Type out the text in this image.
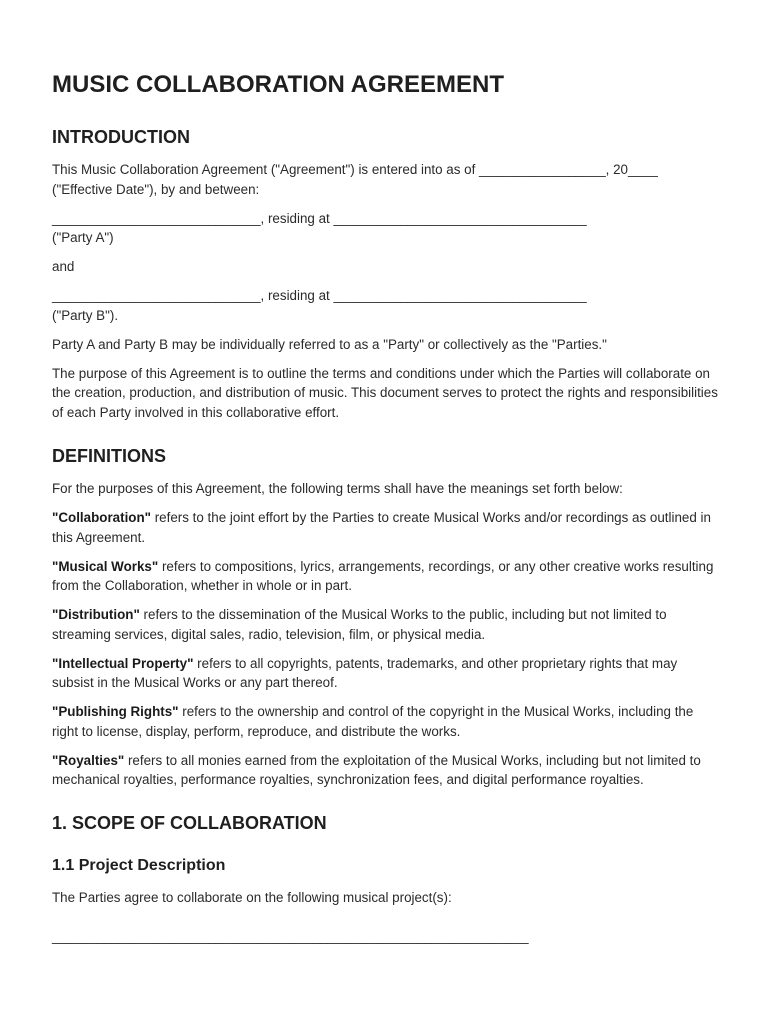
MUSIC COLLABORATION AGREEMENT
INTRODUCTION

This Music Collaboration Agreement ("Agreement") is entered into as of _________________, 20____ ("Effective Date"), by and between:

____________________________, residing at __________________________________

("Party A")

and

____________________________, residing at __________________________________

("Party B").

Party A and Party B may be individually referred to as a "Party" or collectively as the "Parties."

The purpose of this Agreement is to outline the terms and conditions under which the Parties will collaborate on the creation, production, and distribution of music. This document serves to protect the rights and responsibilities of each Party involved in this collaborative effort.

DEFINITIONS

For the purposes of this Agreement, the following terms shall have the meanings set forth below:

"Collaboration" refers to the joint effort by the Parties to create Musical Works and/or recordings as outlined in this Agreement.

"Musical Works" refers to compositions, lyrics, arrangements, recordings, or any other creative works resulting from the Collaboration, whether in whole or in part.

"Distribution" refers to the dissemination of the Musical Works to the public, including but not limited to streaming services, digital sales, radio, television, film, or physical media.

"Intellectual Property" refers to all copyrights, patents, trademarks, and other proprietary rights that may subsist in the Musical Works or any part thereof.

"Publishing Rights" refers to the ownership and control of the copyright in the Musical Works, including the right to license, display, perform, reproduce, and distribute the works.

"Royalties" refers to all monies earned from the exploitation of the Musical Works, including but not limited to mechanical royalties, performance royalties, synchronization fees, and digital performance royalties.

1. SCOPE OF COLLABORATION
1.1 Project Description

The Parties agree to collaborate on the following musical project(s):

________________________________________________________________
